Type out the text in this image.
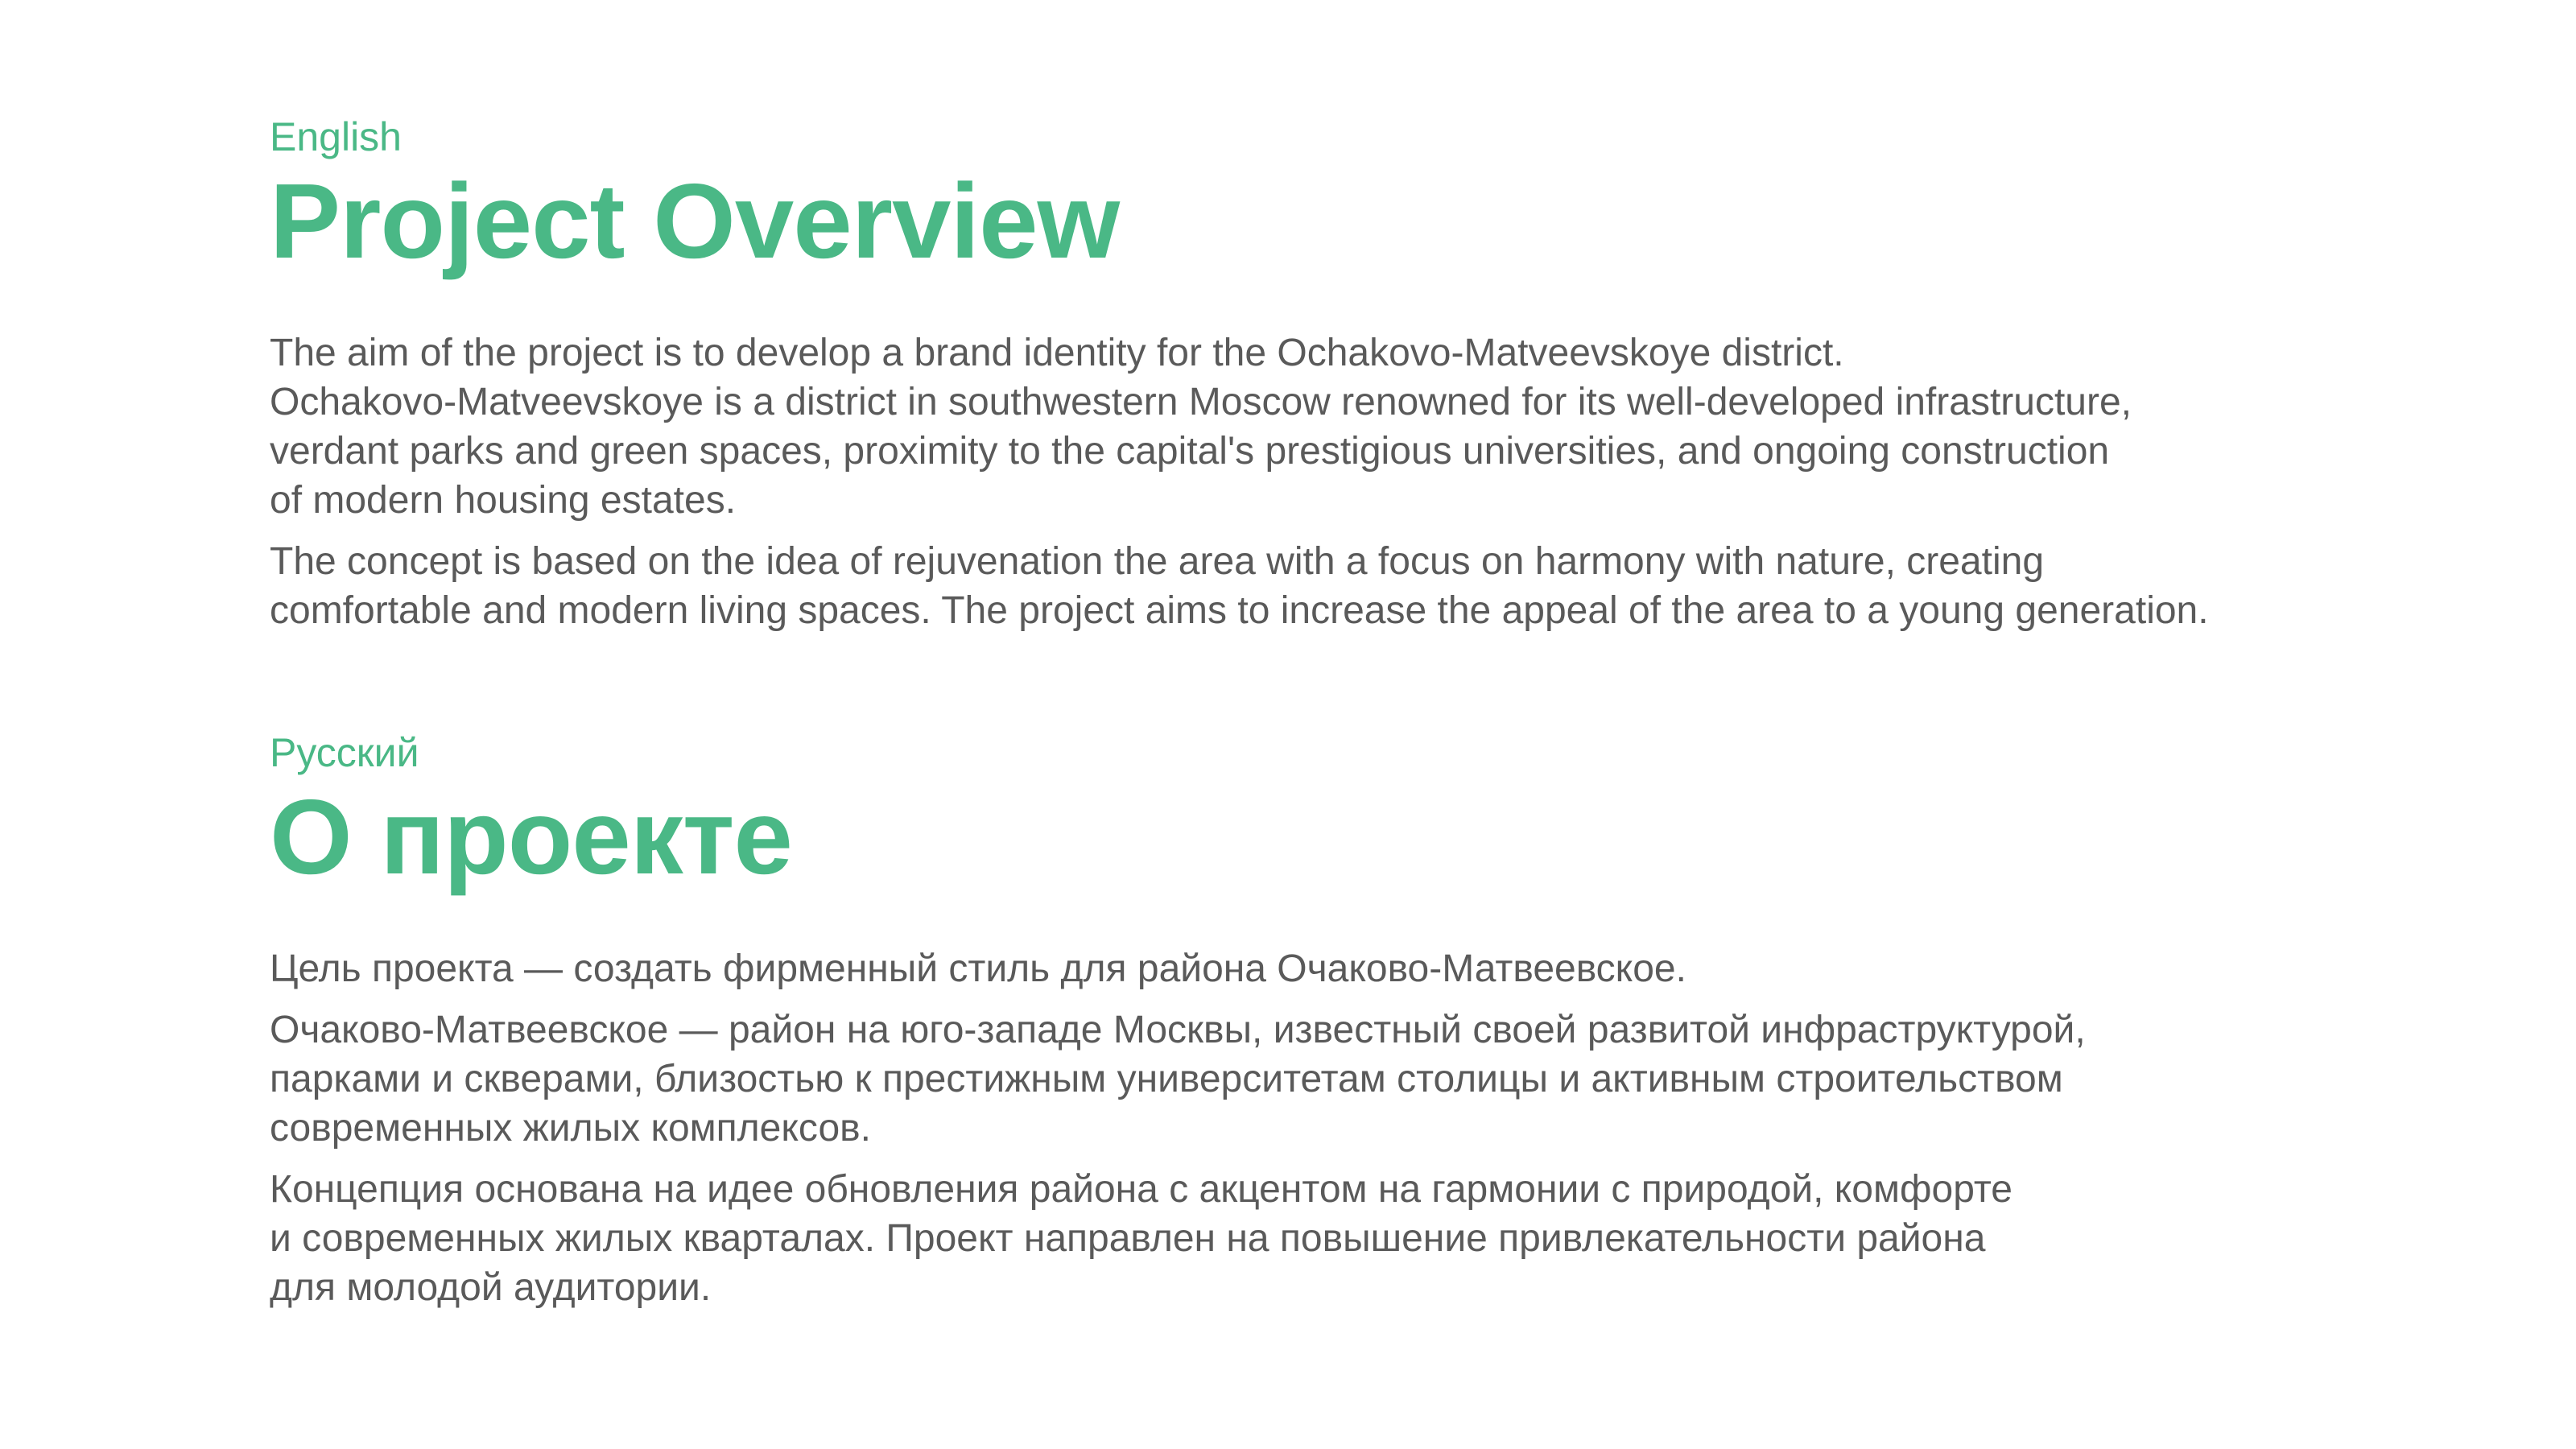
English

Project Overview

The aim of the project is to develop a brand identity for the Ochakovo-Matveevskoye district.
Ochakovo-Matveevskoye is a district in southwestern Moscow renowned for its well-developed infrastructure,
verdant parks and green spaces, proximity to the capital's prestigious universities, and ongoing construction
of modern housing estates.

The concept is based on the idea of rejuvenation the area with a focus on harmony with nature, creating
comfortable and modern living spaces. The project aims to increase the appeal of the area to a young generation.

Русский

О проекте

Цель проекта — создать фирменный стиль для района Очаково-Матвеевское.

Очаково-Матвеевское — район на юго-западе Москвы, известный своей развитой инфраструктурой,
парками и скверами, близостью к престижным университетам столицы и активным строительством
современных жилых комплексов.

Концепция основана на идее обновления района с акцентом на гармонии с природой, комфорте
и современных жилых кварталах. Проект направлен на повышение привлекательности района
для молодой аудитории.
